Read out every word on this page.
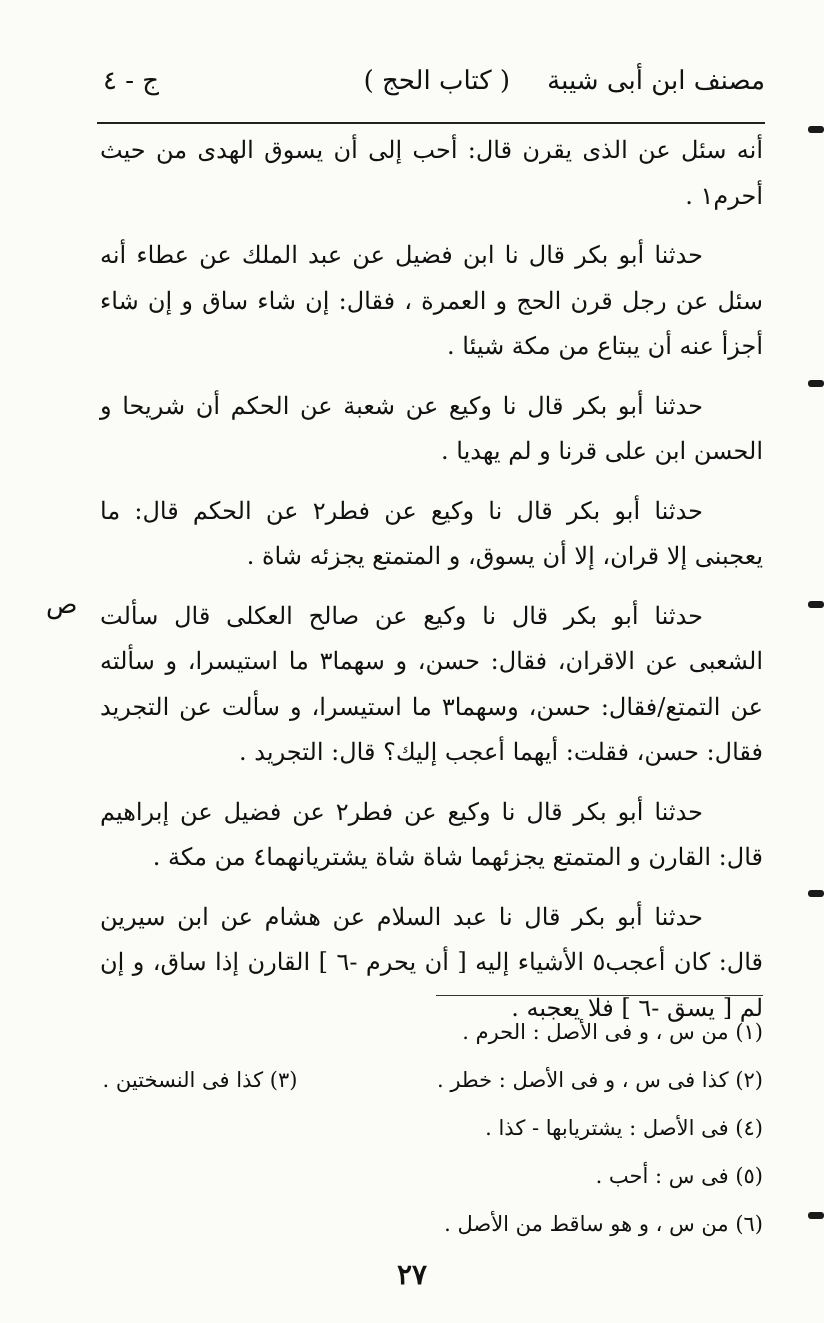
مصنف ابن أبى شيبة
( كتاب الحج )
ج - ٤

أنه سئل عن الذى يقرن قال: أحب إلى أن يسوق الهدى من حيث أحرم١ .

حدثنا أبو بكر قال نا ابن فضيل عن عبد الملك عن عطاء أنه سئل عن رجل قرن الحج و العمرة ، فقال: إن شاء ساق و إن شاء أجزأ عنه أن يبتاع من مكة شيئا .

حدثنا أبو بكر قال نا وكيع عن شعبة عن الحكم أن شريحا و الحسن ابن على قرنا و لم يهديا .

حدثنا أبو بكر قال نا وكيع عن فطر٢ عن الحكم قال: ما يعجبنى إلا قران، إلا أن يسوق، و المتمتع يجزئه شاة .

حدثنا أبو بكر قال نا وكيع عن صالح العكلى قال سألت الشعبى عن الاقران، فقال: حسن، و سهما٣ ما استيسرا، و سألته عن التمتع/فقال: حسن، وسهما٣ ما استيسرا، و سألت عن التجريد فقال: حسن، فقلت: أيهما أعجب إليك؟ قال: التجريد .

حدثنا أبو بكر قال نا وكيع عن فطر٢ عن فضيل عن إبراهيم قال: القارن و المتمتع يجزئهما شاة شاة يشتريانهما٤ من مكة .

حدثنا أبو بكر قال نا عبد السلام عن هشام عن ابن سيرين قال: كان أعجب٥ الأشياء إليه [ أن يحرم -٦ ] القارن إذا ساق، و إن لم [ يسق -٦ ] فلا يعجبه .

ص
(١) من س ، و فى الأصل : الحرم .
(٢) كذا فى س ، و فى الأصل : خطر .
(٣) كذا فى النسختين .
(٤) فى الأصل : يشتريابها - كذا .
(٥) فى س : أحب .
(٦) من س ، و هو ساقط من الأصل .
٢٧
